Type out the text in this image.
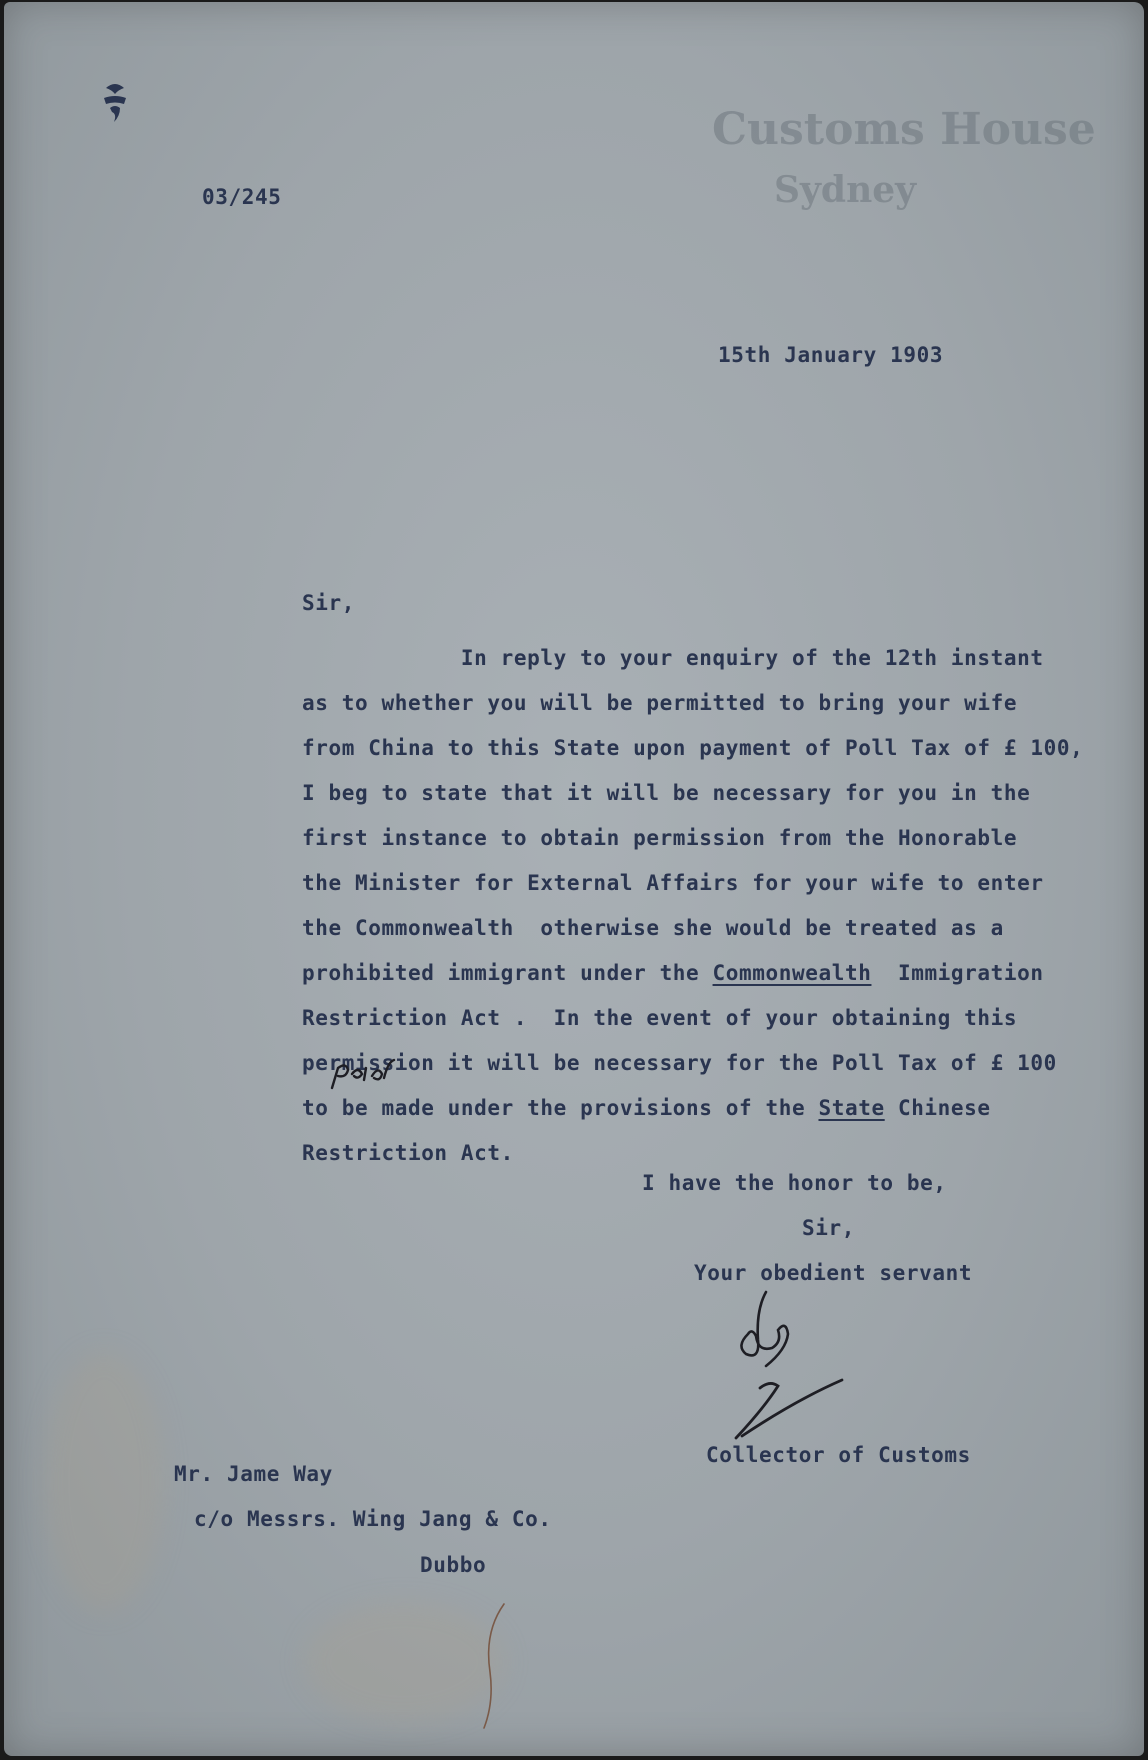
03/245
Customs House
Sydney
15th January 1903
Sir,
In reply to your enquiry of the 12th instant
as to whether you will be permitted to bring your wife
from China to this State upon payment of Poll Tax of £ 100,
I beg to state that it will be necessary for you in the
first instance to obtain permission from the Honorable
the Minister for External Affairs for your wife to enter
the Commonwealth  otherwise she would be treated as a
prohibited immigrant under the Commonwealth  Immigration
Restriction Act .  In the event of your obtaining this
permission it will be necessary for the Poll Tax of £ 100
to be made under the provisions of the State Chinese
Restriction Act.
I have the honor to be,
Sir,
Your obedient servant
Collector of Customs
Mr. Jame Way
c/o Messrs. Wing Jang & Co.
Dubbo
